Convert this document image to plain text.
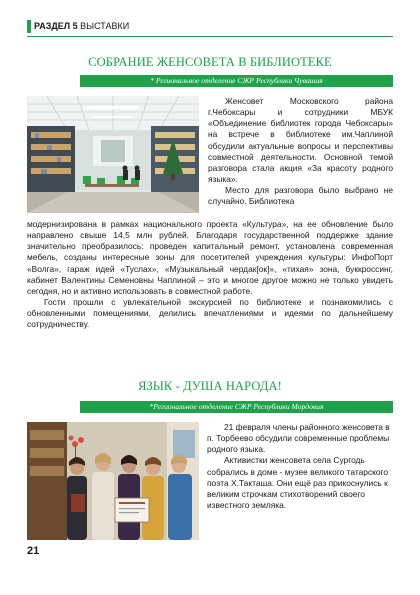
РАЗДЕЛ 5 ВЫСТАВКИ
СОБРАНИЕ ЖЕНСОВЕТА В БИБЛИОТЕКЕ
* Региональное отделение СЖР Республики Чувашия

Женсовет Московского района г.Чебоксары и сотрудники МБУК «Объединение библиотек города Чебоксары» на встрече в библиотеке им.Чаплиной обсудили актуальные вопросы и перспективы совместной деятельности. Основной темой разговора стала акция «За красоту родного языка».

Место для разговора было выбрано не случайно. Библиотека

модернизирована в рамках национального проекта «Культура», на ее обновление было направлено свыше 14,5 млн рублей. Благодаря государственной поддержке здание значительно преобразилось: проведен капитальный ремонт, установлена современная мебель, созданы интересные зоны для посетителей учреждения культуры: ИнфоПорт «Волга», гараж идей «Туслах», «Музыкальный чердак[ок]», «тихая» зона, буккроссинг, кабинет Валентины Семеновны Чаплиной – это и многое другое можно не только увидеть сегодня, но и активно использовать в совместной работе.

Гости прошли с увлекательной экскурсией по библиотеке и познакомились с обновленными помещениями, делились впечатлениями и идеями по дальнейшему сотрудничеству.

ЯЗЫК - ДУША НАРОДА!
*Региональное отделение СЖР Республики Мордовия

21 февраля члены районного женсовета в п. Торбеево обсудили современные проблемы родного языка.

Активистки женсовета села Сургодь собрались в доме - музее великого татарского поэта Х.Такташа. Они ещё раз прикоснулись к великим строчкам стихотворений своего известного земляка.

21
